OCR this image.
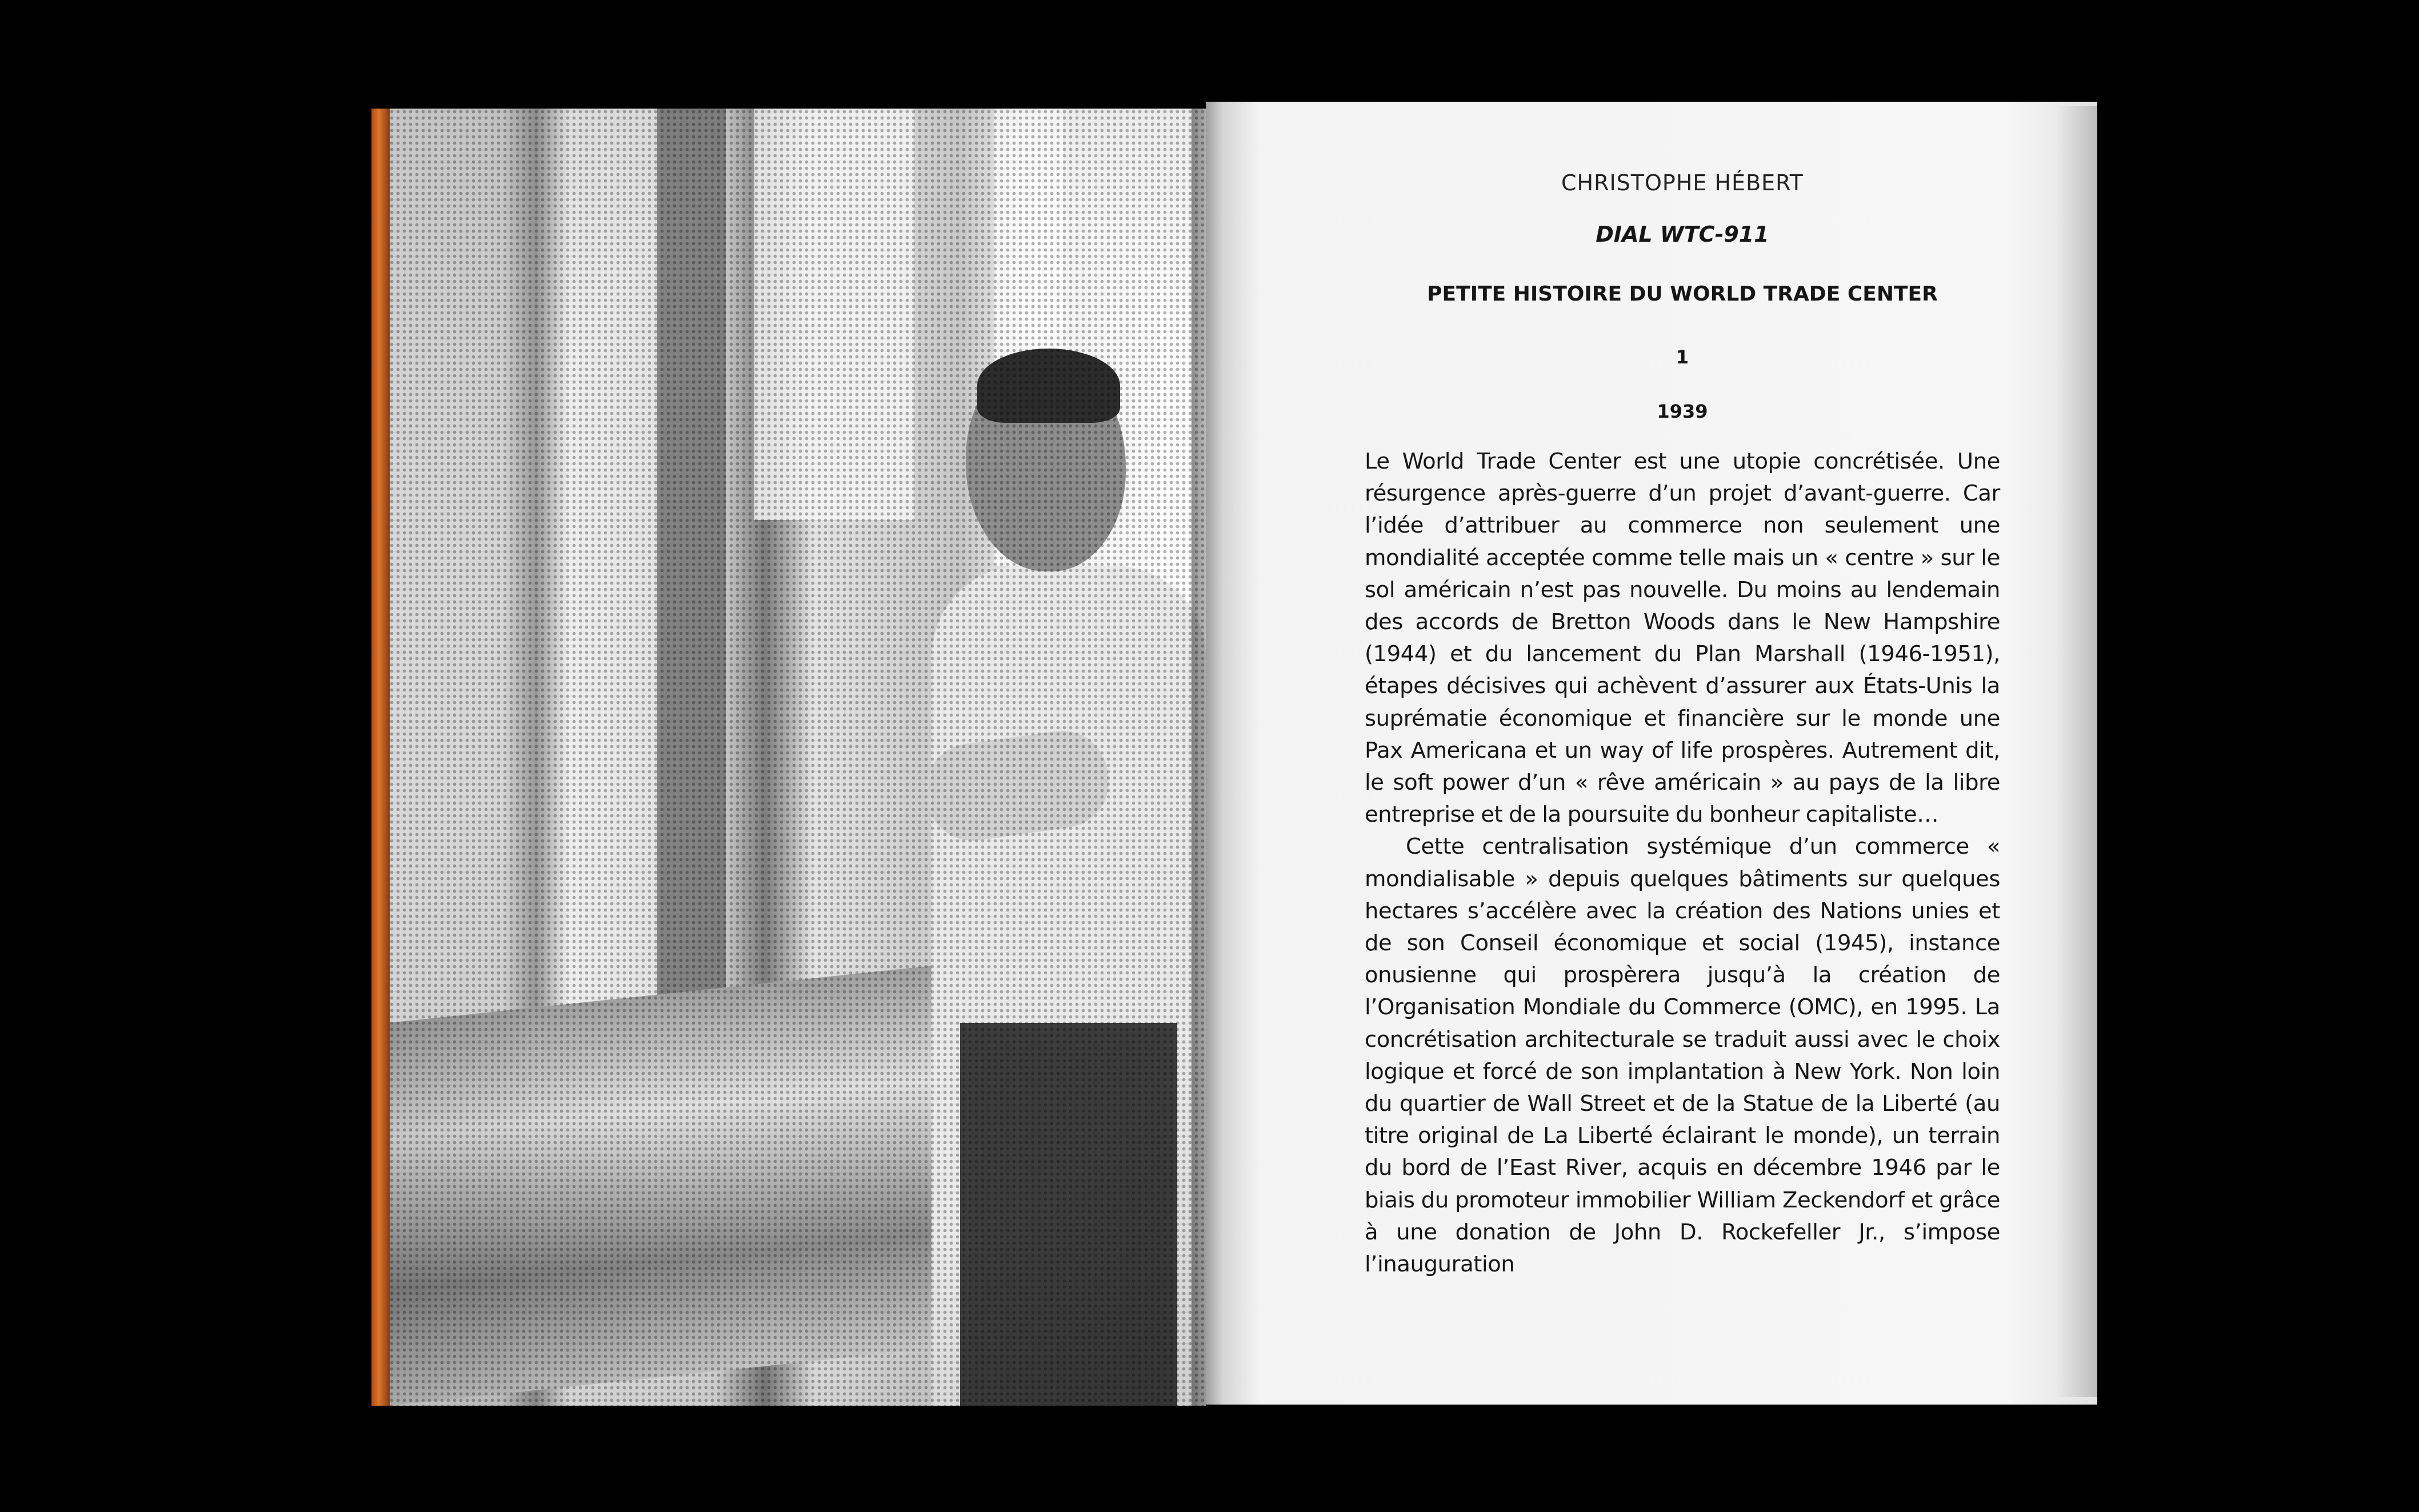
CHRISTOPHE HÉBERT

DIAL WTC-911

PETITE HISTOIRE DU WORLD TRADE CENTER

1

1939

Le World Trade Center est une utopie concrétisée. Une résurgence après-guerre d’un projet d’avant-guerre. Car l’idée d’attribuer au commerce non seulement une mondialité acceptée comme telle mais un « centre » sur le sol américain n’est pas nouvelle. Du moins au lendemain des accords de Bretton Woods dans le New Hampshire (1944) et du lancement du Plan Marshall (1946-1951), étapes décisives qui achèvent d’assurer aux États-Unis la suprématie économique et financière sur le monde une Pax Americana et un way of life prospères. Autrement dit, le soft power d’un « rêve américain » au pays de la libre entreprise et de la poursuite du bonheur capitaliste…

Cette centralisation systémique d’un commerce « mondialisable » depuis quelques bâtiments sur quelques hectares s’accélère avec la création des Nations unies et de son Conseil économique et social (1945), instance onusienne qui prospèrera jusqu’à la création de l’Organisation Mondiale du Commerce (OMC), en 1995. La concrétisation architecturale se traduit aussi avec le choix logique et forcé de son implantation à New York. Non loin du quartier de Wall Street et de la Statue de la Liberté (au titre original de La Liberté éclairant le monde), un terrain du bord de l’East River, acquis en décembre 1946 par le biais du promoteur immobilier William Zeckendorf et grâce à une donation de John D. Rockefeller Jr., s’impose l’inauguration
